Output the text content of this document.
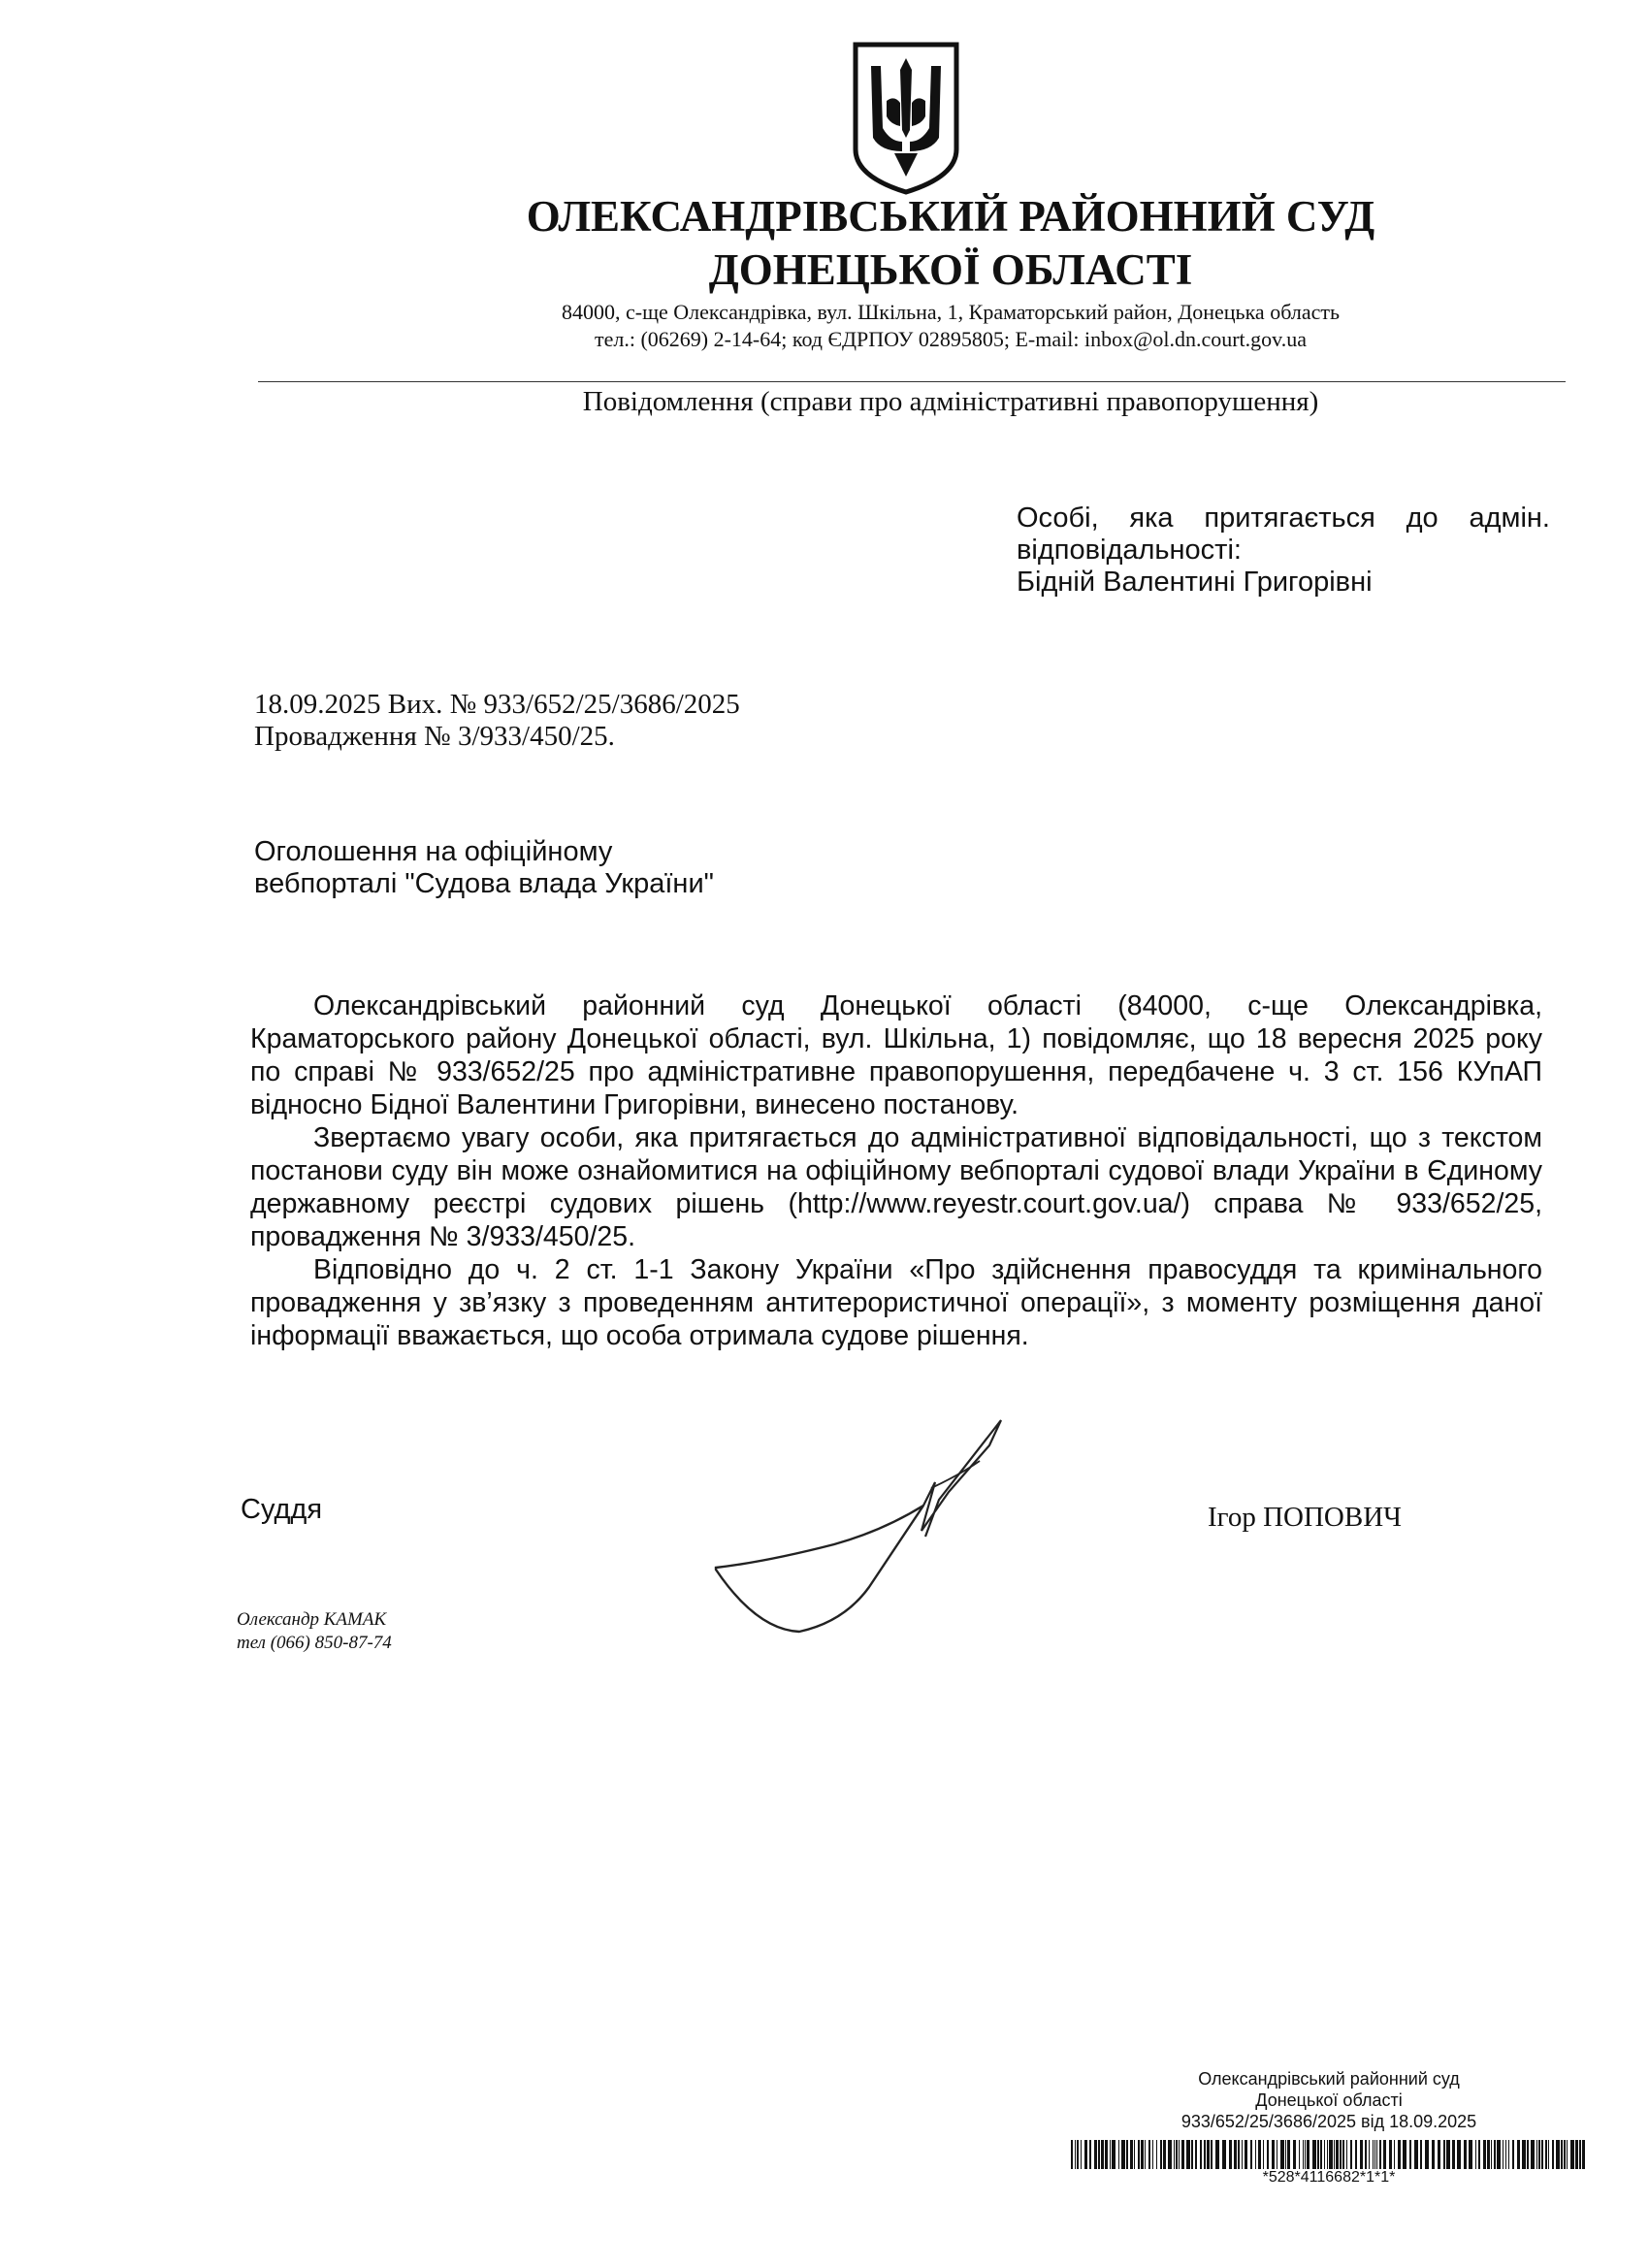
ОЛЕКСАНДРІВСЬКИЙ РАЙОННИЙ СУД
ДОНЕЦЬКОЇ ОБЛАСТІ
84000, с-ще Олександрівка, вул. Шкільна, 1, Краматорський район, Донецька область
тел.: (06269) 2-14-64; код ЄДРПОУ 02895805; E-mail: inbox@ol.dn.court.gov.ua
Повідомлення (справи про адміністративні правопорушення)
Особі, яка притягається до адмін.
відповідальності:
Бідній Валентині Григорівні
18.09.2025 Вих. № 933/652/25/3686/2025
Провадження № 3/933/450/25.
Оголошення на офіційному
вебпорталі "Судова влада України"

Олександрівський районний суд Донецької області (84000, с-ще Олександрівка, Краматорського району Донецької області, вул. Шкільна, 1) повідомляє, що 18 вересня 2025 року по справі № 933/652/25 про адміністративне правопорушення, передбачене ч. 3 ст. 156 КУпАП відносно Бідної Валентини Григорівни, винесено постанову.

Звертаємо увагу особи, яка притягається до адміністративної відповідальності, що з текстом постанови суду він може ознайомитися на офіційному вебпорталі судової влади України в Єдиному державному реєстрі судових рішень (http://www.reyestr.court.gov.ua/) справа № 933/652/25, провадження № 3/933/450/25.

Відповідно до ч. 2 ст. 1-1 Закону України «Про здійснення правосуддя та кримінального провадження у зв’язку з проведенням антитерористичної операції», з моменту розміщення даної інформації вважається, що особа отримала судове рішення.

Суддя	Ігор ПОПОВИЧ
Олександр КАМАК
тел (066) 850-87-74
Олександрівський районний суд
Донецької області
933/652/25/3686/2025 від 18.09.2025
*528*4116682*1*1*
